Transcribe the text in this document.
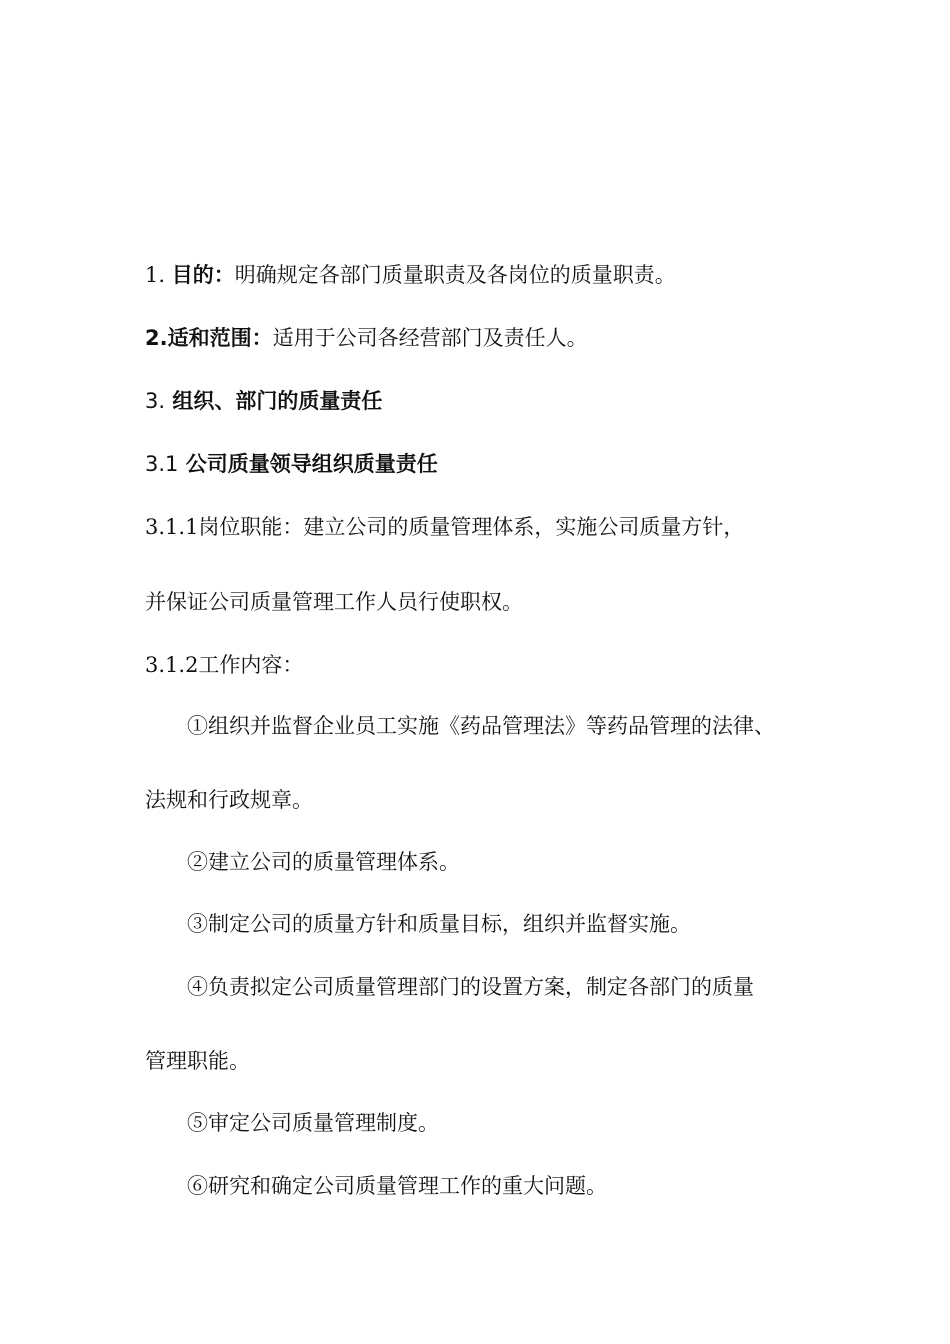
1. 目的：明确规定各部门质量职责及各岗位的质量职责。
2.适和范围：适用于公司各经营部门及责任人。
3. 组织、部门的质量责任
3.1 公司质量领导组织质量责任
3.1.1岗位职能：建立公司的质量管理体系，实施公司质量方针，
并保证公司质量管理工作人员行使职权。
3.1.2工作内容：
①组织并监督企业员工实施《药品管理法》等药品管理的法律、
法规和行政规章。
②建立公司的质量管理体系。
③制定公司的质量方针和质量目标，组织并监督实施。
④负责拟定公司质量管理部门的设置方案，制定各部门的质量
管理职能。
⑤审定公司质量管理制度。
⑥研究和确定公司质量管理工作的重大问题。
